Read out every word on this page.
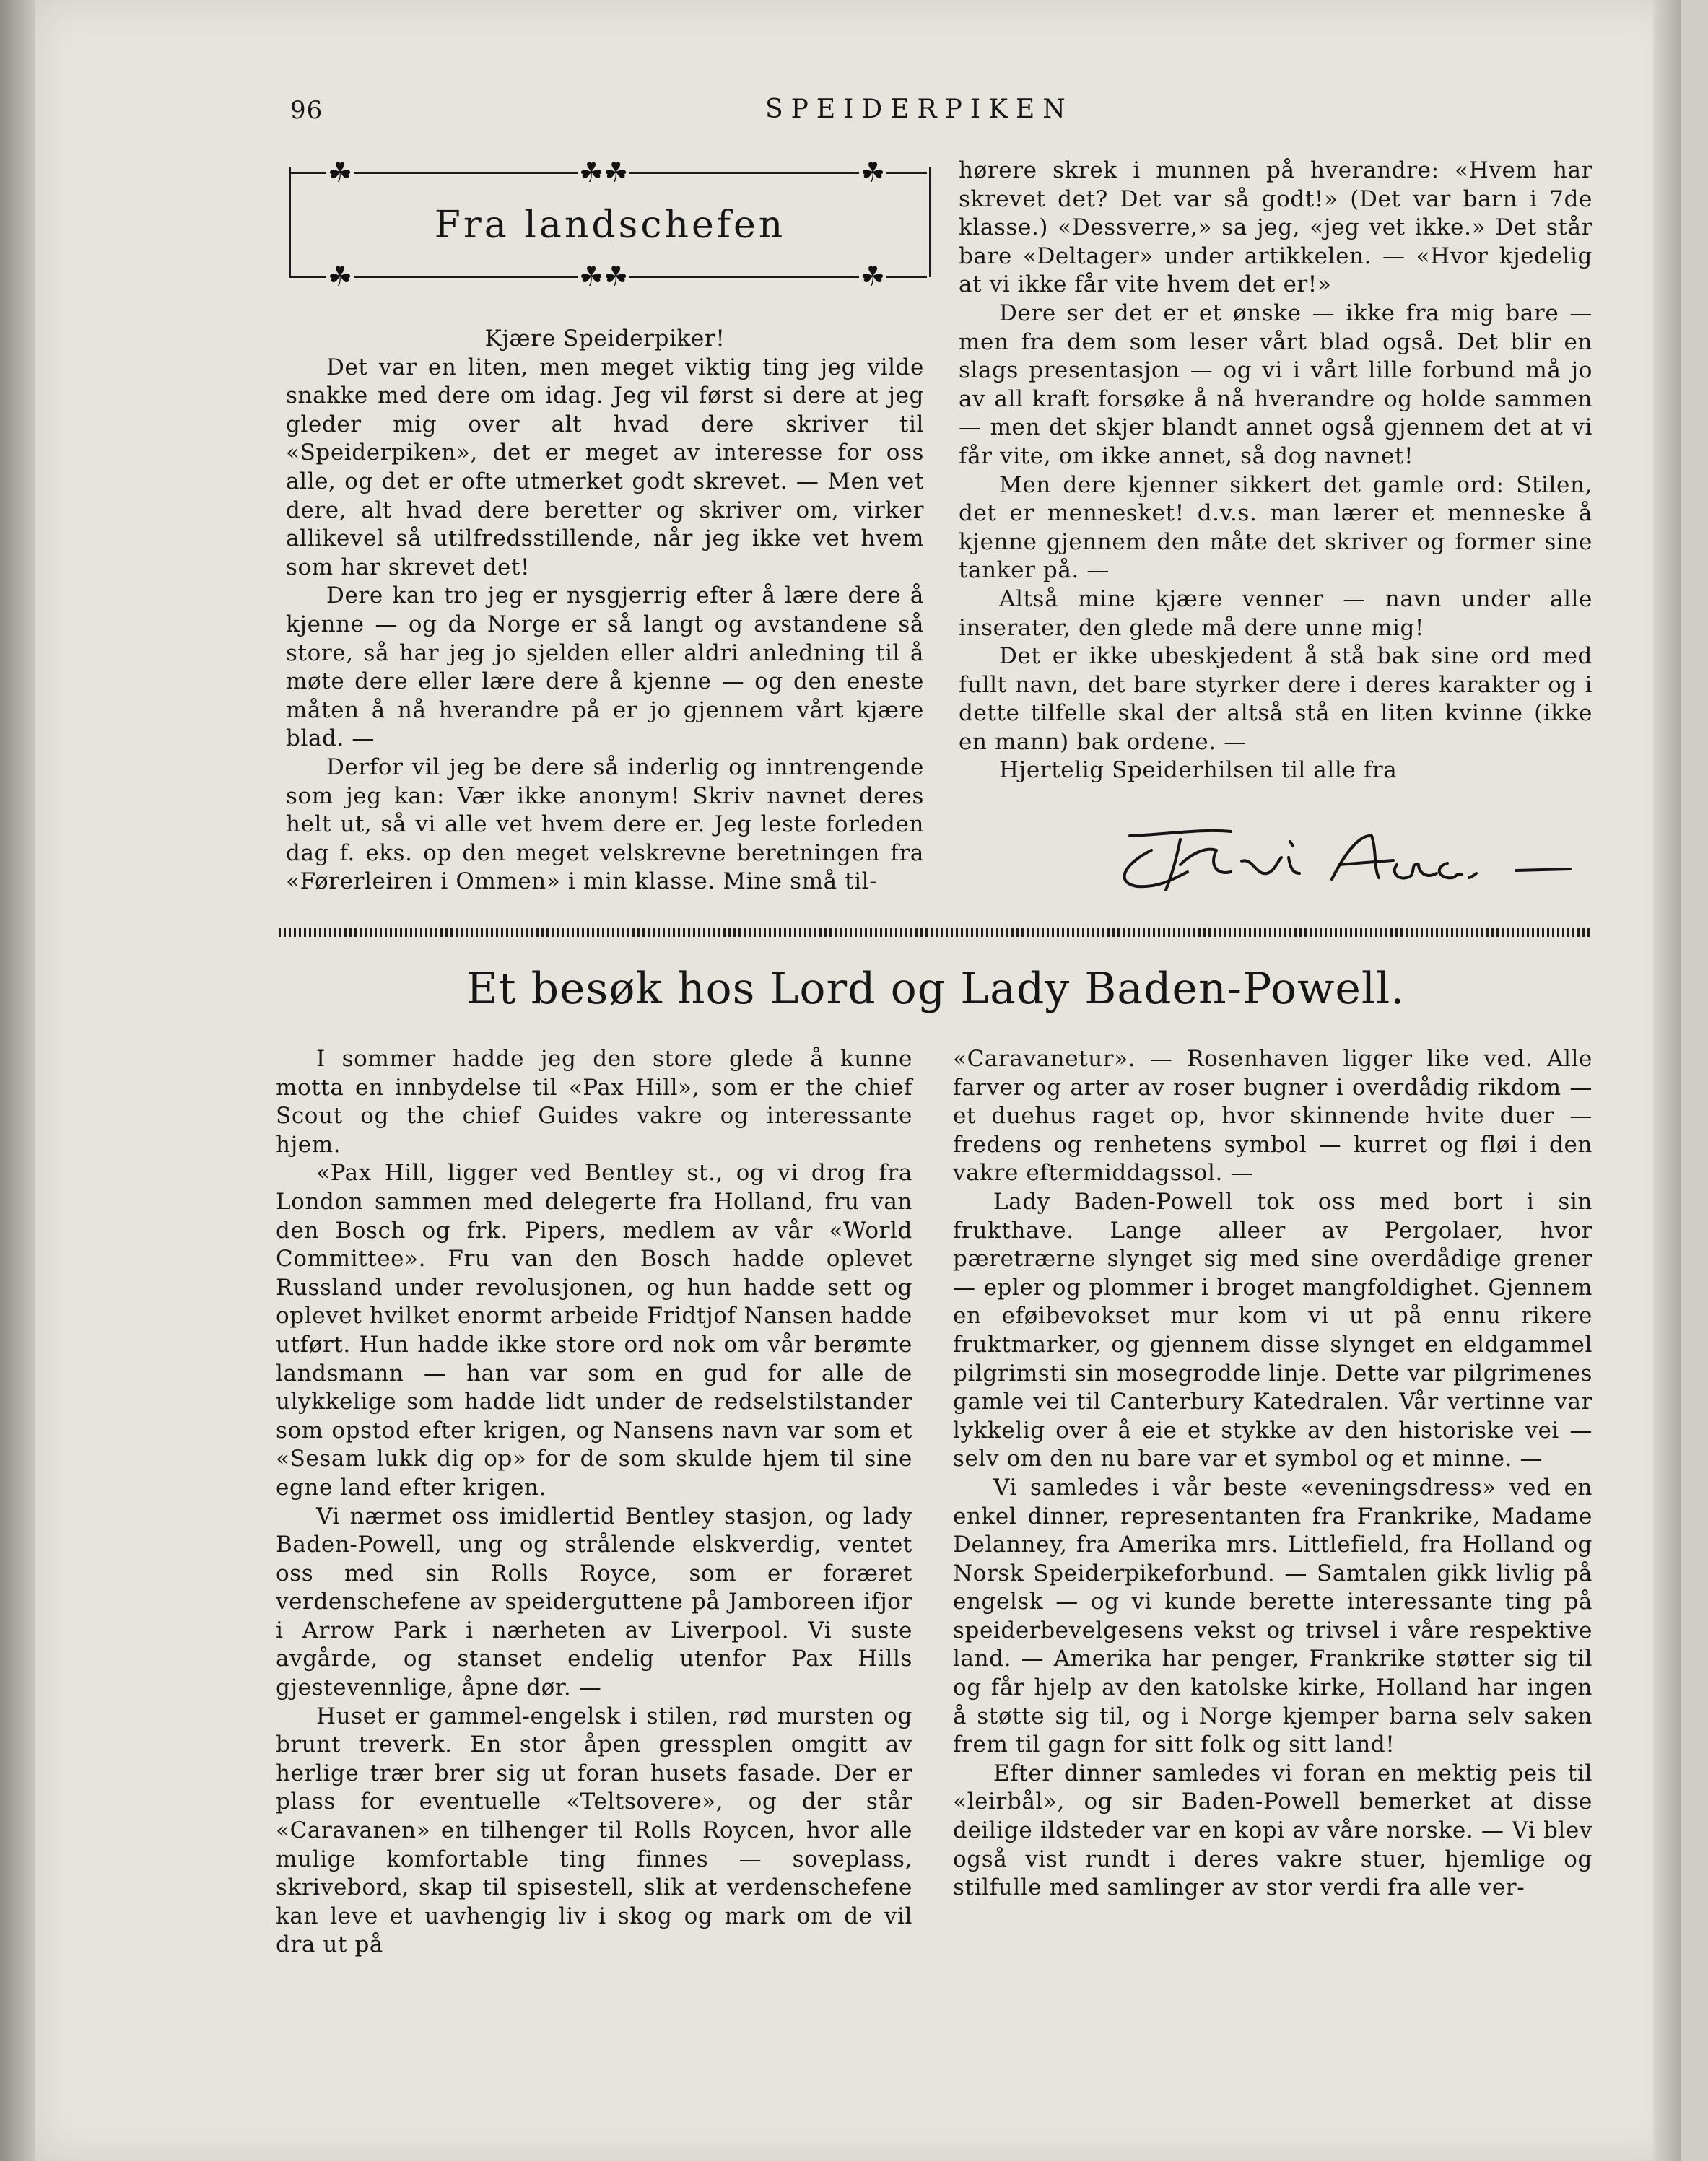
96	SPEIDERPIKEN
☘	☘☘	☘
☘	☘☘	☘
Fra landschefen

Kjære Speiderpiker!

Det var en liten, men meget viktig ting jeg vilde snakke med dere om idag. Jeg vil først si dere at jeg gleder mig over alt hvad dere skriver til «Speiderpiken», det er meget av interesse for oss alle, og det er ofte utmerket godt skrevet. — Men vet dere, alt hvad dere beretter og skriver om, virker allikevel så utilfredsstillende, når jeg ikke vet hvem som har skrevet det!

Dere kan tro jeg er nysgjerrig efter å lære dere å kjenne — og da Norge er så langt og avstandene så store, så har jeg jo sjelden eller aldri anledning til å møte dere eller lære dere å kjenne — og den eneste måten å nå hverandre på er jo gjennem vårt kjære blad. —

Derfor vil jeg be dere så inderlig og inntrengende som jeg kan: Vær ikke anonym! Skriv navnet deres helt ut, så vi alle vet hvem dere er. Jeg leste forleden dag f. eks. op den meget velskrevne beretningen fra «Førerleiren i Ommen» i min klasse. Mine små til-

hørere skrek i munnen på hverandre: «Hvem har skrevet det? Det var så godt!» (Det var barn i 7de klasse.) «Dessverre,» sa jeg, «jeg vet ikke.» Det står bare «Deltager» under artikkelen. — «Hvor kjedelig at vi ikke får vite hvem det er!»

Dere ser det er et ønske — ikke fra mig bare — men fra dem som leser vårt blad også. Det blir en slags presentasjon — og vi i vårt lille forbund må jo av all kraft forsøke å nå hverandre og holde sammen — men det skjer blandt annet også gjennem det at vi får vite, om ikke annet, så dog navnet!

Men dere kjenner sikkert det gamle ord: Stilen, det er mennesket! d.v.s. man lærer et menneske å kjenne gjennem den måte det skriver og former sine tanker på. —

Altså mine kjære venner — navn under alle inserater, den glede må dere unne mig!

Det er ikke ubeskjedent å stå bak sine ord med fullt navn, det bare styrker dere i deres karakter og i dette tilfelle skal der altså stå en liten kvinne (ikke en mann) bak ordene. —

Hjertelig Speiderhilsen til alle fra

Et besøk hos Lord og Lady Baden-Powell.

I sommer hadde jeg den store glede å kunne motta en innbydelse til «Pax Hill», som er the chief Scout og the chief Guides vakre og interessante hjem.

«Pax Hill, ligger ved Bentley st., og vi drog fra London sammen med delegerte fra Holland, fru van den Bosch og frk. Pipers, medlem av vår «World Committee». Fru van den Bosch hadde oplevet Russland under revolusjonen, og hun hadde sett og oplevet hvilket enormt arbeide Fridtjof Nansen hadde utført. Hun hadde ikke store ord nok om vår berømte landsmann — han var som en gud for alle de ulykkelige som hadde lidt under de redselstilstander som opstod efter krigen, og Nansens navn var som et «Sesam lukk dig op» for de som skulde hjem til sine egne land efter krigen.

Vi nærmet oss imidlertid Bentley stasjon, og lady Baden-Powell, ung og strålende elskverdig, ventet oss med sin Rolls Royce, som er foræret verdenschefene av speiderguttene på Jamboreen ifjor i Arrow Park i nærheten av Liverpool. Vi suste avgårde, og stanset endelig utenfor Pax Hills gjestevennlige, åpne dør. —

Huset er gammel-engelsk i stilen, rød mursten og brunt treverk. En stor åpen gressplen omgitt av herlige trær brer sig ut foran husets fasade. Der er plass for eventuelle «Teltsovere», og der står «Caravanen» en tilhenger til Rolls Roycen, hvor alle mulige komfortable ting finnes — soveplass, skrivebord, skap til spisestell, slik at verdenschefene kan leve et uavhengig liv i skog og mark om de vil dra ut på

«Caravanetur». — Rosenhaven ligger like ved. Alle farver og arter av roser bugner i overdådig rikdom — et duehus raget op, hvor skinnende hvite duer — fredens og renhetens symbol — kurret og fløi i den vakre eftermiddagssol. —

Lady Baden-Powell tok oss med bort i sin frukthave. Lange alleer av Pergolaer, hvor pæretrærne slynget sig med sine overdådige grener — epler og plommer i broget mangfoldighet. Gjennem en eføibevokset mur kom vi ut på ennu rikere fruktmarker, og gjennem disse slynget en eldgammel pilgrimsti sin mosegrodde linje. Dette var pilgrimenes gamle vei til Canterbury Katedralen. Vår vertinne var lykkelig over å eie et stykke av den historiske vei — selv om den nu bare var et symbol og et minne. —

Vi samledes i vår beste «eveningsdress» ved en enkel dinner, representanten fra Frankrike, Madame Delanney, fra Amerika mrs. Littlefield, fra Holland og Norsk Speiderpikeforbund. — Samtalen gikk livlig på engelsk — og vi kunde berette interessante ting på speiderbevelgesens vekst og trivsel i våre respektive land. — Amerika har penger, Frankrike støtter sig til og får hjelp av den katolske kirke, Holland har ingen å støtte sig til, og i Norge kjemper barna selv saken frem til gagn for sitt folk og sitt land!

Efter dinner samledes vi foran en mektig peis til «leirbål», og sir Baden-Powell bemerket at disse deilige ildsteder var en kopi av våre norske. — Vi blev også vist rundt i deres vakre stuer, hjemlige og stilfulle med samlinger av stor verdi fra alle ver-
